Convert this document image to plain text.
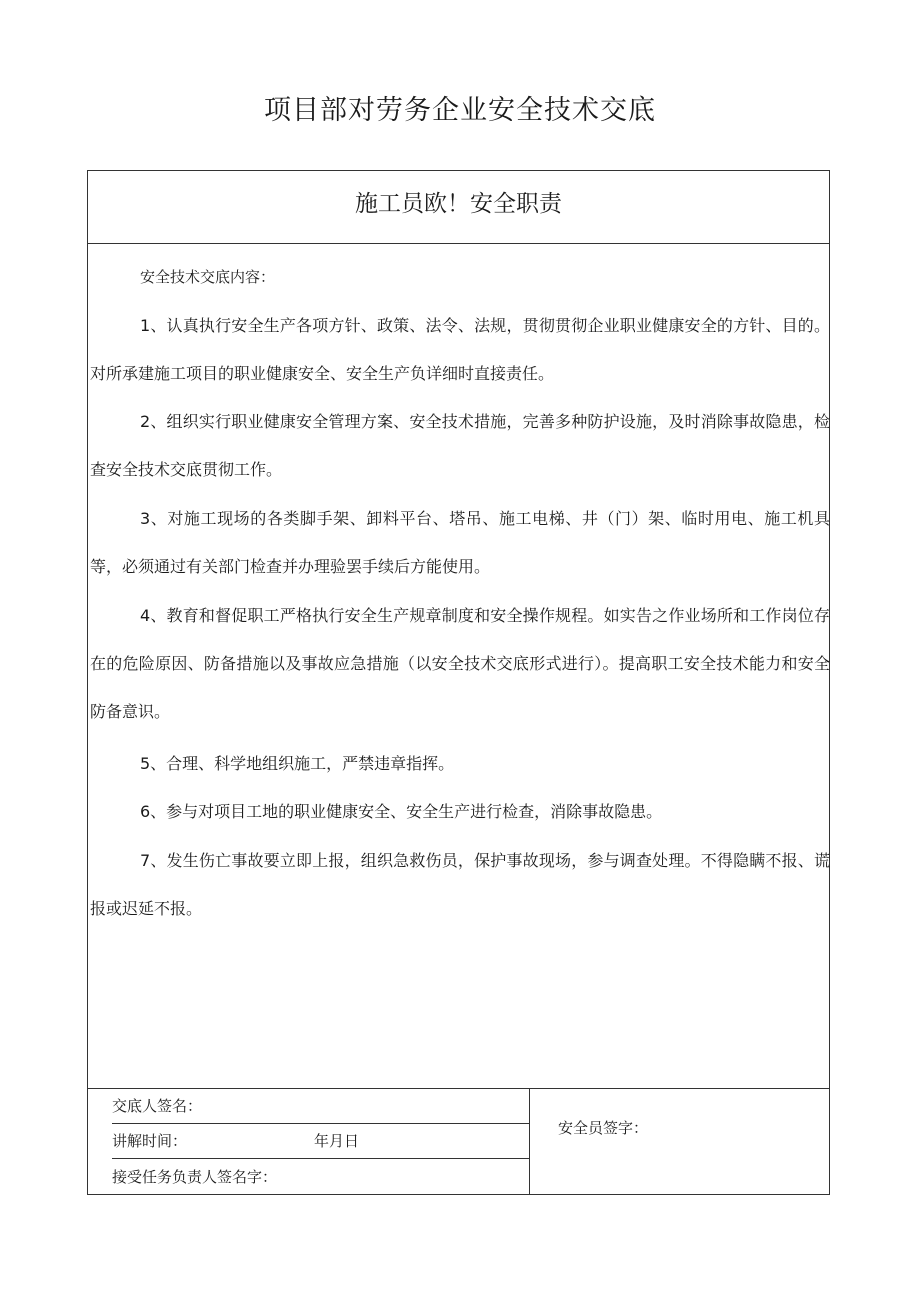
项目部对劳务企业安全技术交底
施工员欧！安全职责
安全技术交底内容：
1、认真执行安全生产各项方针、政策、法令、法规，贯彻贯彻企业职业健康安全的方针、目的。对所承建施工项目的职业健康安全、安全生产负详细时直接责任。
2、组织实行职业健康安全管理方案、安全技术措施，完善多种防护设施，及时消除事故隐患，检查安全技术交底贯彻工作。
3、对施工现场的各类脚手架、卸料平台、塔吊、施工电梯、井（门）架、临时用电、施工机具等，必须通过有关部门检查并办理验罢手续后方能使用。
4、教育和督促职工严格执行安全生产规章制度和安全操作规程。如实告之作业场所和工作岗位存在的危险原因、防备措施以及事故应急措施（以安全技术交底形式进行）。提高职工安全技术能力和安全防备意识。
5、合理、科学地组织施工，严禁违章指挥。
6、参与对项目工地的职业健康安全、安全生产进行检查，消除事故隐患。
7、发生伤亡事故要立即上报，组织急救伤员，保护事故现场，参与调查处理。不得隐瞒不报、谎报或迟延不报。
交底人签名：
讲解时间：	年月日
接受任务负责人签名字：
安全员签字：
